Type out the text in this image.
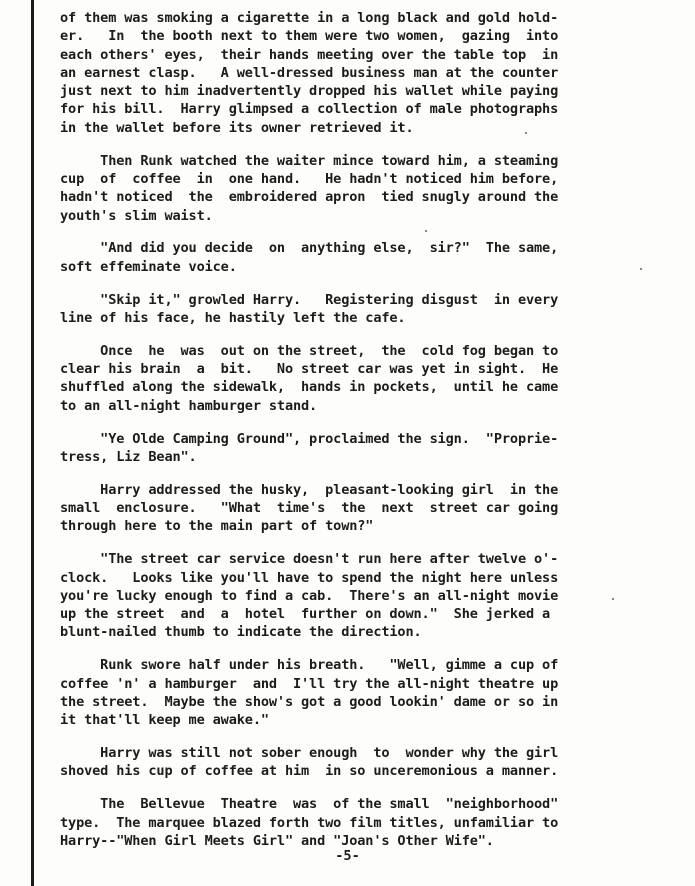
of them was smoking a cigarette in a long black and gold hold-
er.   In  the booth next to them were two women,  gazing  into
each others' eyes,  their hands meeting over the table top  in
an earnest clasp.   A well-dressed business man at the counter
just next to him inadvertently dropped his wallet while paying
for his bill.  Harry glimpsed a collection of male photographs
in the wallet before its owner retrieved it.

Then Runk watched the waiter mince toward him, a steaming
cup  of  coffee  in  one hand.   He hadn't noticed him before,
hadn't noticed  the  embroidered apron  tied snugly around the
youth's slim waist.

"And did you decide  on  anything else,  sir?"  The same,
soft effeminate voice.

"Skip it," growled Harry.   Registering disgust  in every
line of his face, he hastily left the cafe.

Once  he  was  out on the street,  the  cold fog began to
clear his brain  a  bit.   No street car was yet in sight.  He
shuffled along the sidewalk,  hands in pockets,  until he came
to an all-night hamburger stand.

"Ye Olde Camping Ground", proclaimed the sign.  "Proprie-
tress, Liz Bean".

Harry addressed the husky,  pleasant-looking girl  in the
small  enclosure.   "What  time's  the  next  street car going
through here to the main part of town?"

"The street car service doesn't run here after twelve o'-
clock.   Looks like you'll have to spend the night here unless
you're lucky enough to find a cab.  There's an all-night movie
up the street  and  a  hotel  further on down."  She jerked a
blunt-nailed thumb to indicate the direction.

Runk swore half under his breath.   "Well, gimme a cup of
coffee 'n' a hamburger  and  I'll try the all-night theatre up
the street.  Maybe the show's got a good lookin' dame or so in
it that'll keep me awake."

Harry was still not sober enough  to  wonder why the girl
shoved his cup of coffee at him  in so unceremonious a manner.

The  Bellevue  Theatre  was  of the small  "neighborhood"
type.  The marquee blazed forth two film titles, unfamiliar to
Harry--"When Girl Meets Girl" and "Joan's Other Wife".

-5-
